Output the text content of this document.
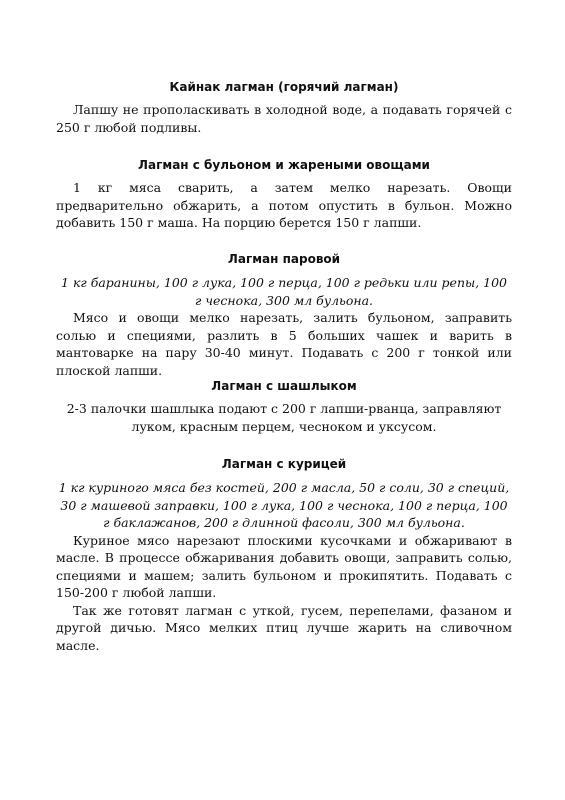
Кайнак лагман (горячий лагман)

Лапшу не прополаскивать в холодной воде, а подавать горячей с 250 г любой подливы.

Лагман с бульоном и жареными овощами

1 кг мяса сварить, а затем мелко нарезать. Овощи предварительно обжарить, а потом опустить в бульон. Можно добавить 150 г маша. На порцию берется 150 г лапши.

Лагман паровой

1 кг баранины, 100 г лука, 100 г перца, 100 г редьки или репы, 100 г чеснока, 300 мл бульона.

Мясо и овощи мелко нарезать, залить бульоном, заправить солью и специями, разлить в 5 больших чашек и варить в мантоварке на пару 30-40 минут. Подавать с 200 г тонкой или плоской лапши.

Лагман с шашлыком

2-3 палочки шашлыка подают с 200 г лапши-рванца, заправляют луком, красным перцем, чесноком и уксусом.

Лагман с курицей

1 кг куриного мяса без костей, 200 г масла, 50 г соли, 30 г специй, 30 г машевой заправки, 100 г лука, 100 г чеснока, 100 г перца, 100 г баклажанов, 200 г длинной фасоли, 300 мл бульона.

Куриное мясо нарезают плоскими кусочками и обжаривают в масле. В процессе обжаривания добавить овощи, заправить солью, специями и машем; залить бульоном и прокипятить. Подавать с 150-200 г любой лапши.

Так же готовят лагман с уткой, гусем, перепелами, фазаном и другой дичью. Мясо мелких птиц лучше жарить на сливочном масле.
